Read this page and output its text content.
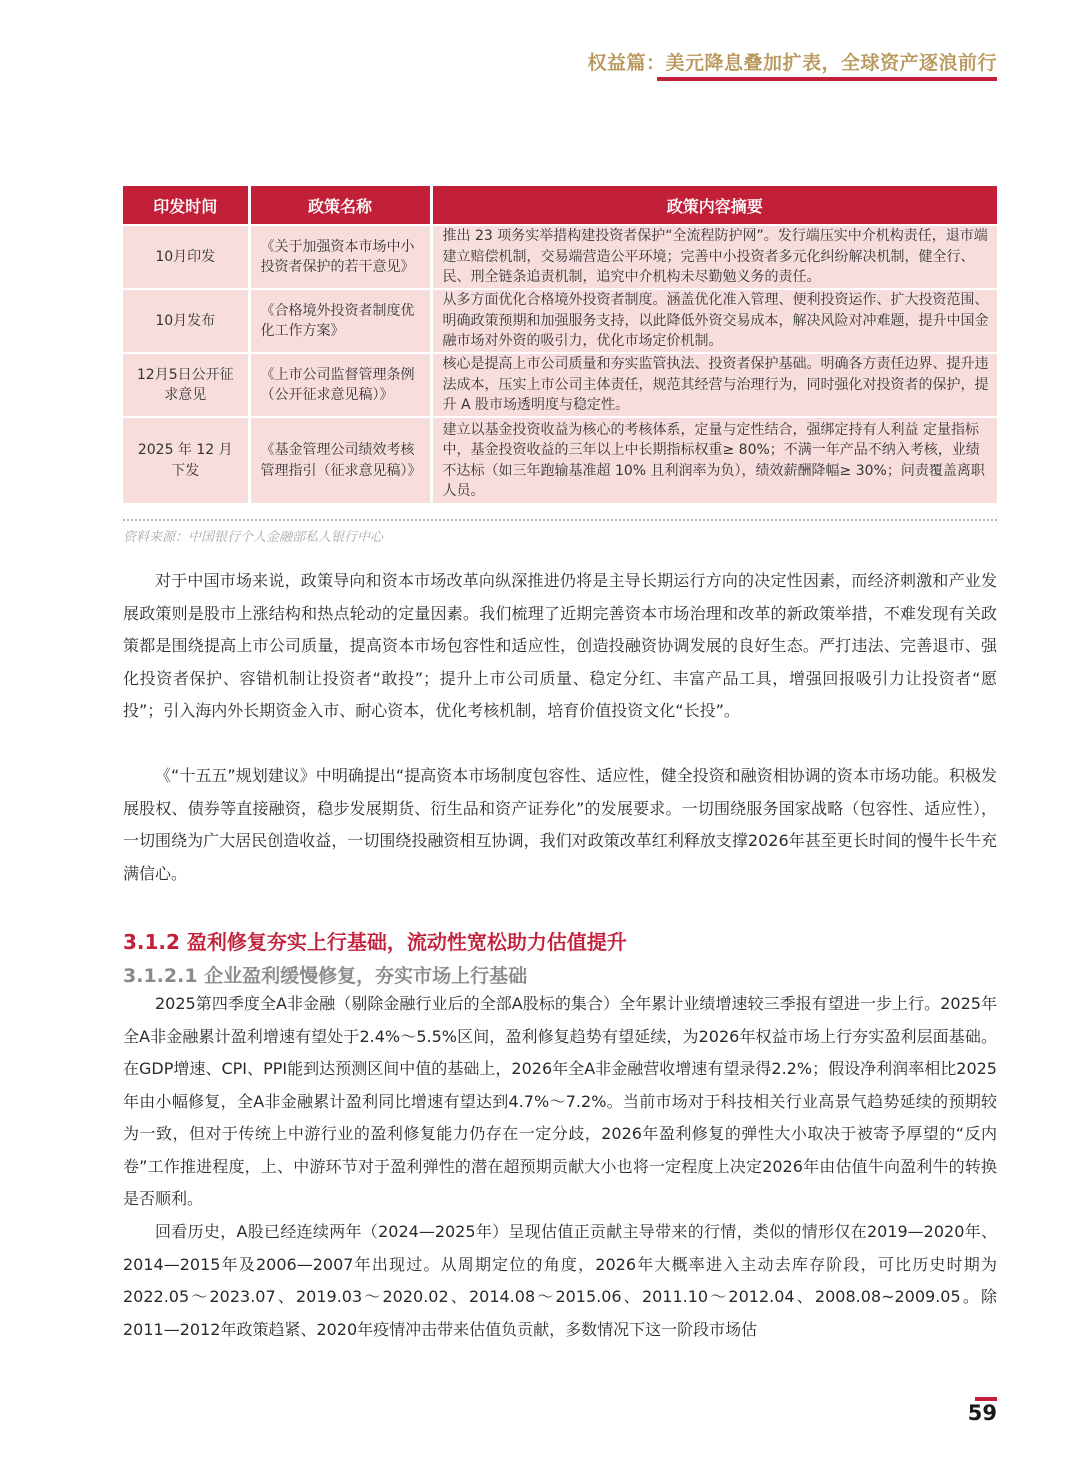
权益篇：美元降息叠加扩表，全球资产逐浪前行
印发时间	政策名称	政策内容摘要
10月印发	《关于加强资本市场中小投资者保护的若干意见》	推出 23 项务实举措构建投资者保护“全流程防护网”。发行端压实中介机构责任，退市端建立赔偿机制，交易端营造公平环境；完善中小投资者多元化纠纷解决机制，健全行、民、刑全链条追责机制，追究中介机构未尽勤勉义务的责任。
10月发布	《合格境外投资者制度优化工作方案》	从多方面优化合格境外投资者制度。涵盖优化准入管理、便利投资运作、扩大投资范围、明确政策预期和加强服务支持，以此降低外资交易成本，解决风险对冲难题，提升中国金融市场对外资的吸引力，优化市场定价机制。
12月5日公开征求意见	《上市公司监督管理条例（公开征求意见稿）》	核心是提高上市公司质量和夯实监管执法、投资者保护基础。明确各方责任边界、提升违法成本，压实上市公司主体责任，规范其经营与治理行为，同时强化对投资者的保护，提升 A 股市场透明度与稳定性。
2025 年 12 月下发	《基金管理公司绩效考核管理指引（征求意见稿）》	建立以基金投资收益为核心的考核体系，定量与定性结合，强绑定持有人利益 定量指标中，基金投资收益的三年以上中长期指标权重≥ 80%；不满一年产品不纳入考核，业绩不达标（如三年跑输基准超 10% 且利润率为负），绩效薪酬降幅≥ 30%；问责覆盖离职人员。
资料来源：中国银行个人金融部私人银行中心

对于中国市场来说，政策导向和资本市场改革向纵深推进仍将是主导长期运行方向的决定性因素，而经济刺激和产业发展政策则是股市上涨结构和热点轮动的定量因素。我们梳理了近期完善资本市场治理和改革的新政策举措，不难发现有关政策都是围绕提高上市公司质量，提高资本市场包容性和适应性，创造投融资协调发展的良好生态。严打违法、完善退市、强化投资者保护、容错机制让投资者“敢投”；提升上市公司质量、稳定分红、丰富产品工具，增强回报吸引力让投资者“愿投”；引入海内外长期资金入市、耐心资本，优化考核机制，培育价值投资文化“长投”。

《“十五五”规划建议》中明确提出“提高资本市场制度包容性、适应性，健全投资和融资相协调的资本市场功能。积极发展股权、债券等直接融资，稳步发展期货、衍生品和资产证券化”的发展要求。一切围绕服务国家战略（包容性、适应性），一切围绕为广大居民创造收益，一切围绕投融资相互协调，我们对政策改革红利释放支撑2026年甚至更长时间的慢牛长牛充满信心。

3.1.2 盈利修复夯实上行基础，流动性宽松助力估值提升
3.1.2.1 企业盈利缓慢修复，夯实市场上行基础

2025第四季度全A非金融（剔除金融行业后的全部A股标的集合）全年累计业绩增速较三季报有望进一步上行。2025年全A非金融累计盈利增速有望处于2.4%～5.5%区间，盈利修复趋势有望延续，为2026年权益市场上行夯实盈利层面基础。在GDP增速、CPI、PPI能到达预测区间中值的基础上，2026年全A非金融营收增速有望录得2.2%；假设净利润率相比2025年由小幅修复，全A非金融累计盈利同比增速有望达到4.7%～7.2%。当前市场对于科技相关行业高景气趋势延续的预期较为一致，但对于传统上中游行业的盈利修复能力仍存在一定分歧，2026年盈利修复的弹性大小取决于被寄予厚望的“反内卷”工作推进程度，上、中游环节对于盈利弹性的潜在超预期贡献大小也将一定程度上决定2026年由估值牛向盈利牛的转换是否顺利。

回看历史，A股已经连续两年（2024—2025年）呈现估值正贡献主导带来的行情，类似的情形仅在2019—2020年、2014—2015年及2006—2007年出现过。从周期定位的角度，2026年大概率进入主动去库存阶段，可比历史时期为2022.05～2023.07、2019.03～2020.02、2014.08～2015.06、2011.10～2012.04、2008.08~2009.05。除2011—2012年政策趋紧、2020年疫情冲击带来估值负贡献，多数情况下这一阶段市场估

59
